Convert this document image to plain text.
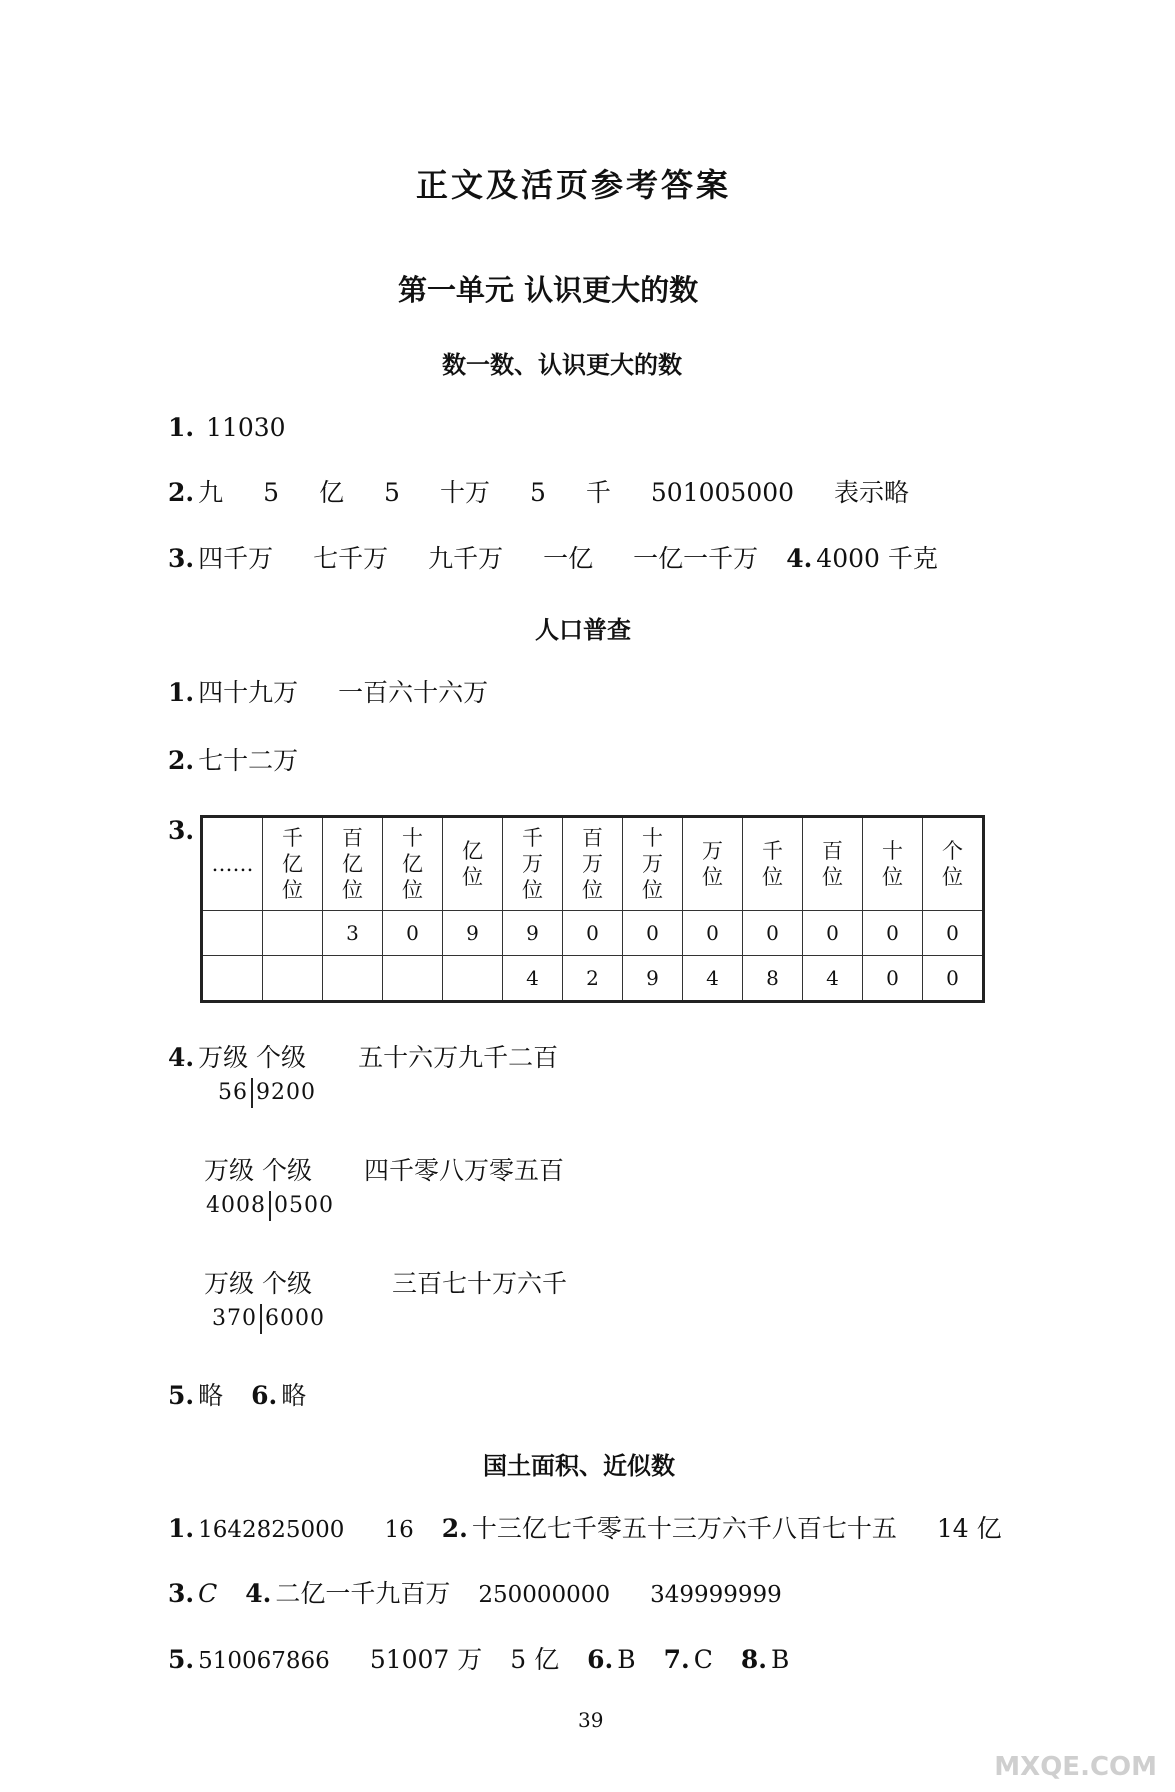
正文及活页参考答案
第一单元 认识更大的数
数一数、认识更大的数
1. 11030
2. 九 5 亿 5 十万 5 千 501005000 表示略
3. 四千万 七千万 九千万 一亿 一亿一千万 4. 4000 千克
人口普查
1. 四十九万 一百六十六万
2. 七十二万
3.
……	千亿位	百亿位	十亿位	亿位	千万位	百万位	十万位	万位	千位	百位	十位	个位
		3	0	9	9	0	0	0	0	0	0	0
					4	2	9	4	8	4	0	0
4. 万级 个级 五十六万九千二百
56 9200
万级 个级 四千零八万零五百
4008 0500
万级 个级	三百七十万六千
370 6000
5. 略 6. 略
国土面积、近似数
1. 1642825000 16 2. 十三亿七千零五十三万六千八百七十五 14 亿
3. C 4. 二亿一千九百万 250000000 349999999
5. 510067866 51007 万 5 亿 6. B 7. C 8. B
39
MXQE.COM
